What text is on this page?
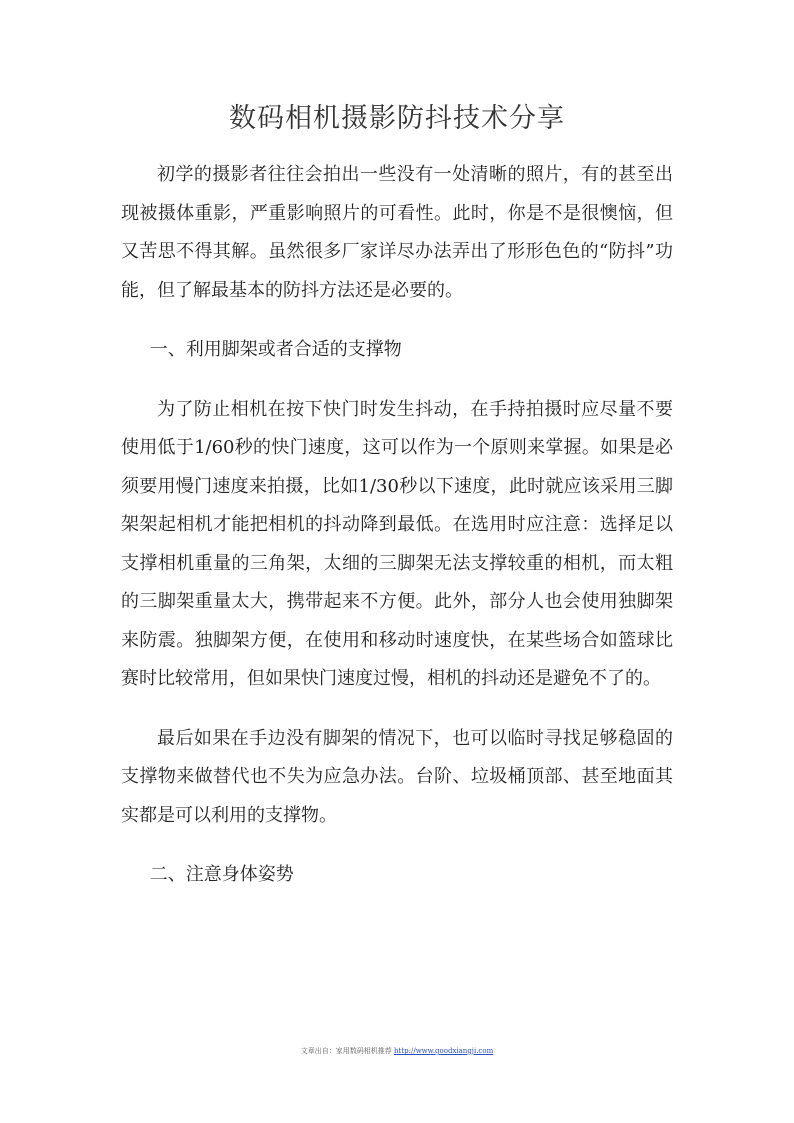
数码相机摄影防抖技术分享

初学的摄影者往往会拍出一些没有一处清晰的照片，有的甚至出现被摄体重影，严重影响照片的可看性。此时，你是不是很懊恼，但又苦思不得其解。虽然很多厂家详尽办法弄出了形形色色的“防抖”功能，但了解最基本的防抖方法还是必要的。

一、利用脚架或者合适的支撑物

为了防止相机在按下快门时发生抖动，在手持拍摄时应尽量不要使用低于1/60秒的快门速度，这可以作为一个原则来掌握。如果是必须要用慢门速度来拍摄，比如1/30秒以下速度，此时就应该采用三脚架架起相机才能把相机的抖动降到最低。在选用时应注意：选择足以支撑相机重量的三角架，太细的三脚架无法支撑较重的相机，而太粗的三脚架重量太大，携带起来不方便。此外，部分人也会使用独脚架来防震。独脚架方便，在使用和移动时速度快，在某些场合如篮球比赛时比较常用，但如果快门速度过慢，相机的抖动还是避免不了的。

最后如果在手边没有脚架的情况下，也可以临时寻找足够稳固的支撑物来做替代也不失为应急办法。台阶、垃圾桶顶部、甚至地面其实都是可以利用的支撑物。

二、注意身体姿势

文章出自：家用数码相机推荐 http://www.goodxiangji.com
